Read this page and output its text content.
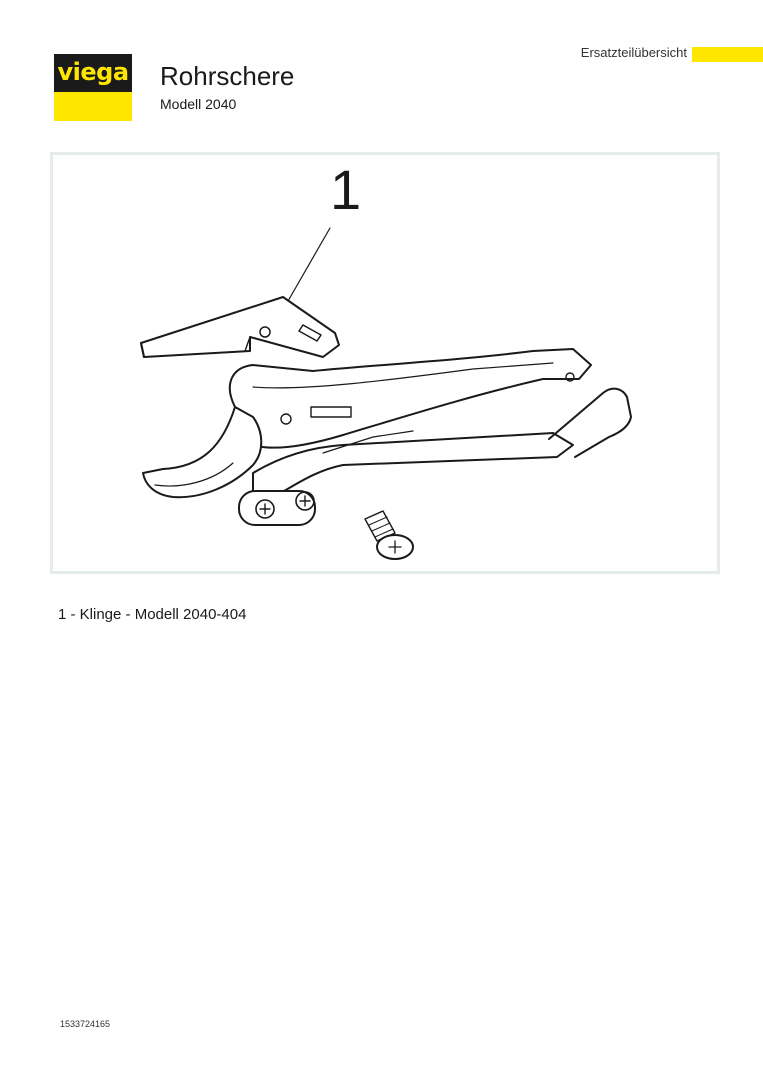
viega Rohrschere
Modell 2040
Ersatzteilübersicht
1
1 - Klinge - Modell 2040-404
1533724165
